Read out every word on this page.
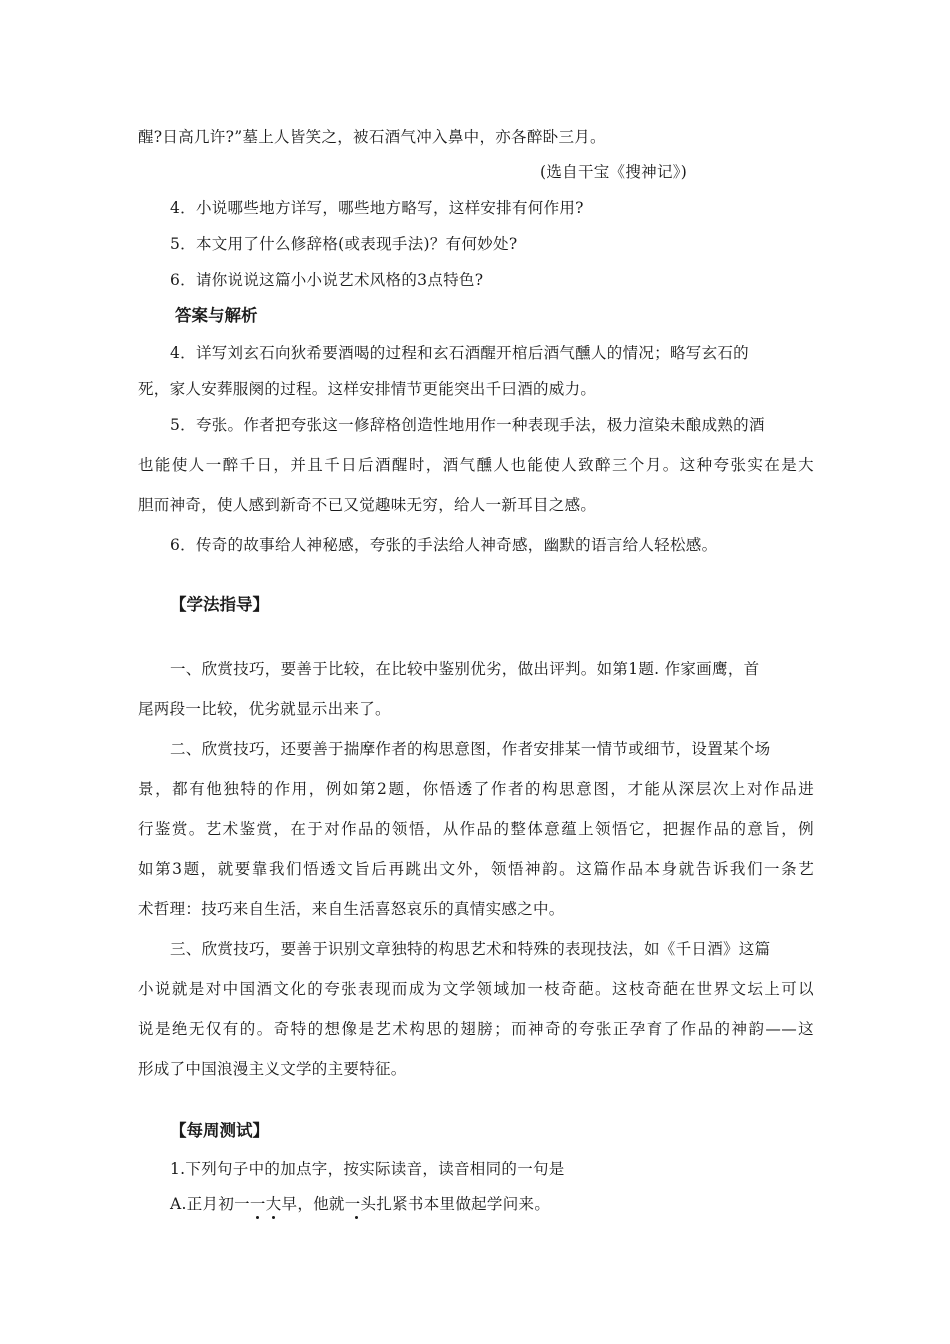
醒?日高几许?”墓上人皆笑之，被石酒气冲入鼻中，亦各醉卧三月。
(选自干宝《搜神记》)
4．小说哪些地方详写，哪些地方略写，这样安排有何作用?
5．本文用了什么修辞格(或表现手法)？有何妙处?
6．请你说说这篇小小说艺术风格的3点特色?
答案与解析
4．详写刘玄石向狄希要酒喝的过程和玄石酒醒开棺后酒气醺人的情况；略写玄石的
死，家人安葬服阕的过程。这样安排情节更能突出千曰酒的威力。
5．夸张。作者把夸张这一修辞格创造性地用作一种表现手法，极力渲染未酿成熟的酒
也能使人一醉千日，并且千日后酒醒时，酒气醺人也能使人致醉三个月。这种夸张实在是大
胆而神奇，使人感到新奇不已又觉趣味无穷，给人一新耳目之感。
6．传奇的故事给人神秘感，夸张的手法给人神奇感，幽默的语言给人轻松感。
【学法指导】
一、欣赏技巧，要善于比较，在比较中鉴别优劣，做出评判。如第1题. 作家画鹰，首
尾两段一比较，优劣就显示出来了。
二、欣赏技巧，还要善于揣摩作者的构思意图，作者安排某一情节或细节，设置某个场
景，都有他独特的作用，例如第2题，你悟透了作者的构思意图，才能从深层次上对作品进
行鉴赏。艺术鉴赏，在于对作品的领悟，从作品的整体意蕴上领悟它，把握作品的意旨，例
如第3题，就要靠我们悟透文旨后再跳出文外，领悟神韵。这篇作品本身就告诉我们一条艺
术哲理：技巧来自生活，来自生活喜怒哀乐的真情实感之中。
三、欣赏技巧，要善于识别文章独特的构思艺术和特殊的表现技法，如《千日酒》这篇
小说就是对中国酒文化的夸张表现而成为文学领域加一枝奇葩。这枝奇葩在世界文坛上可以
说是绝无仅有的。奇特的想像是艺术构思的翅膀；而神奇的夸张正孕育了作品的神韵——这
形成了中国浪漫主义文学的主要特征。
【每周测试】
1.下列句子中的加点字，按实际读音，读音相同的一句是
A.正月初一一大早，他就一头扎紧书本里做起学问来。
